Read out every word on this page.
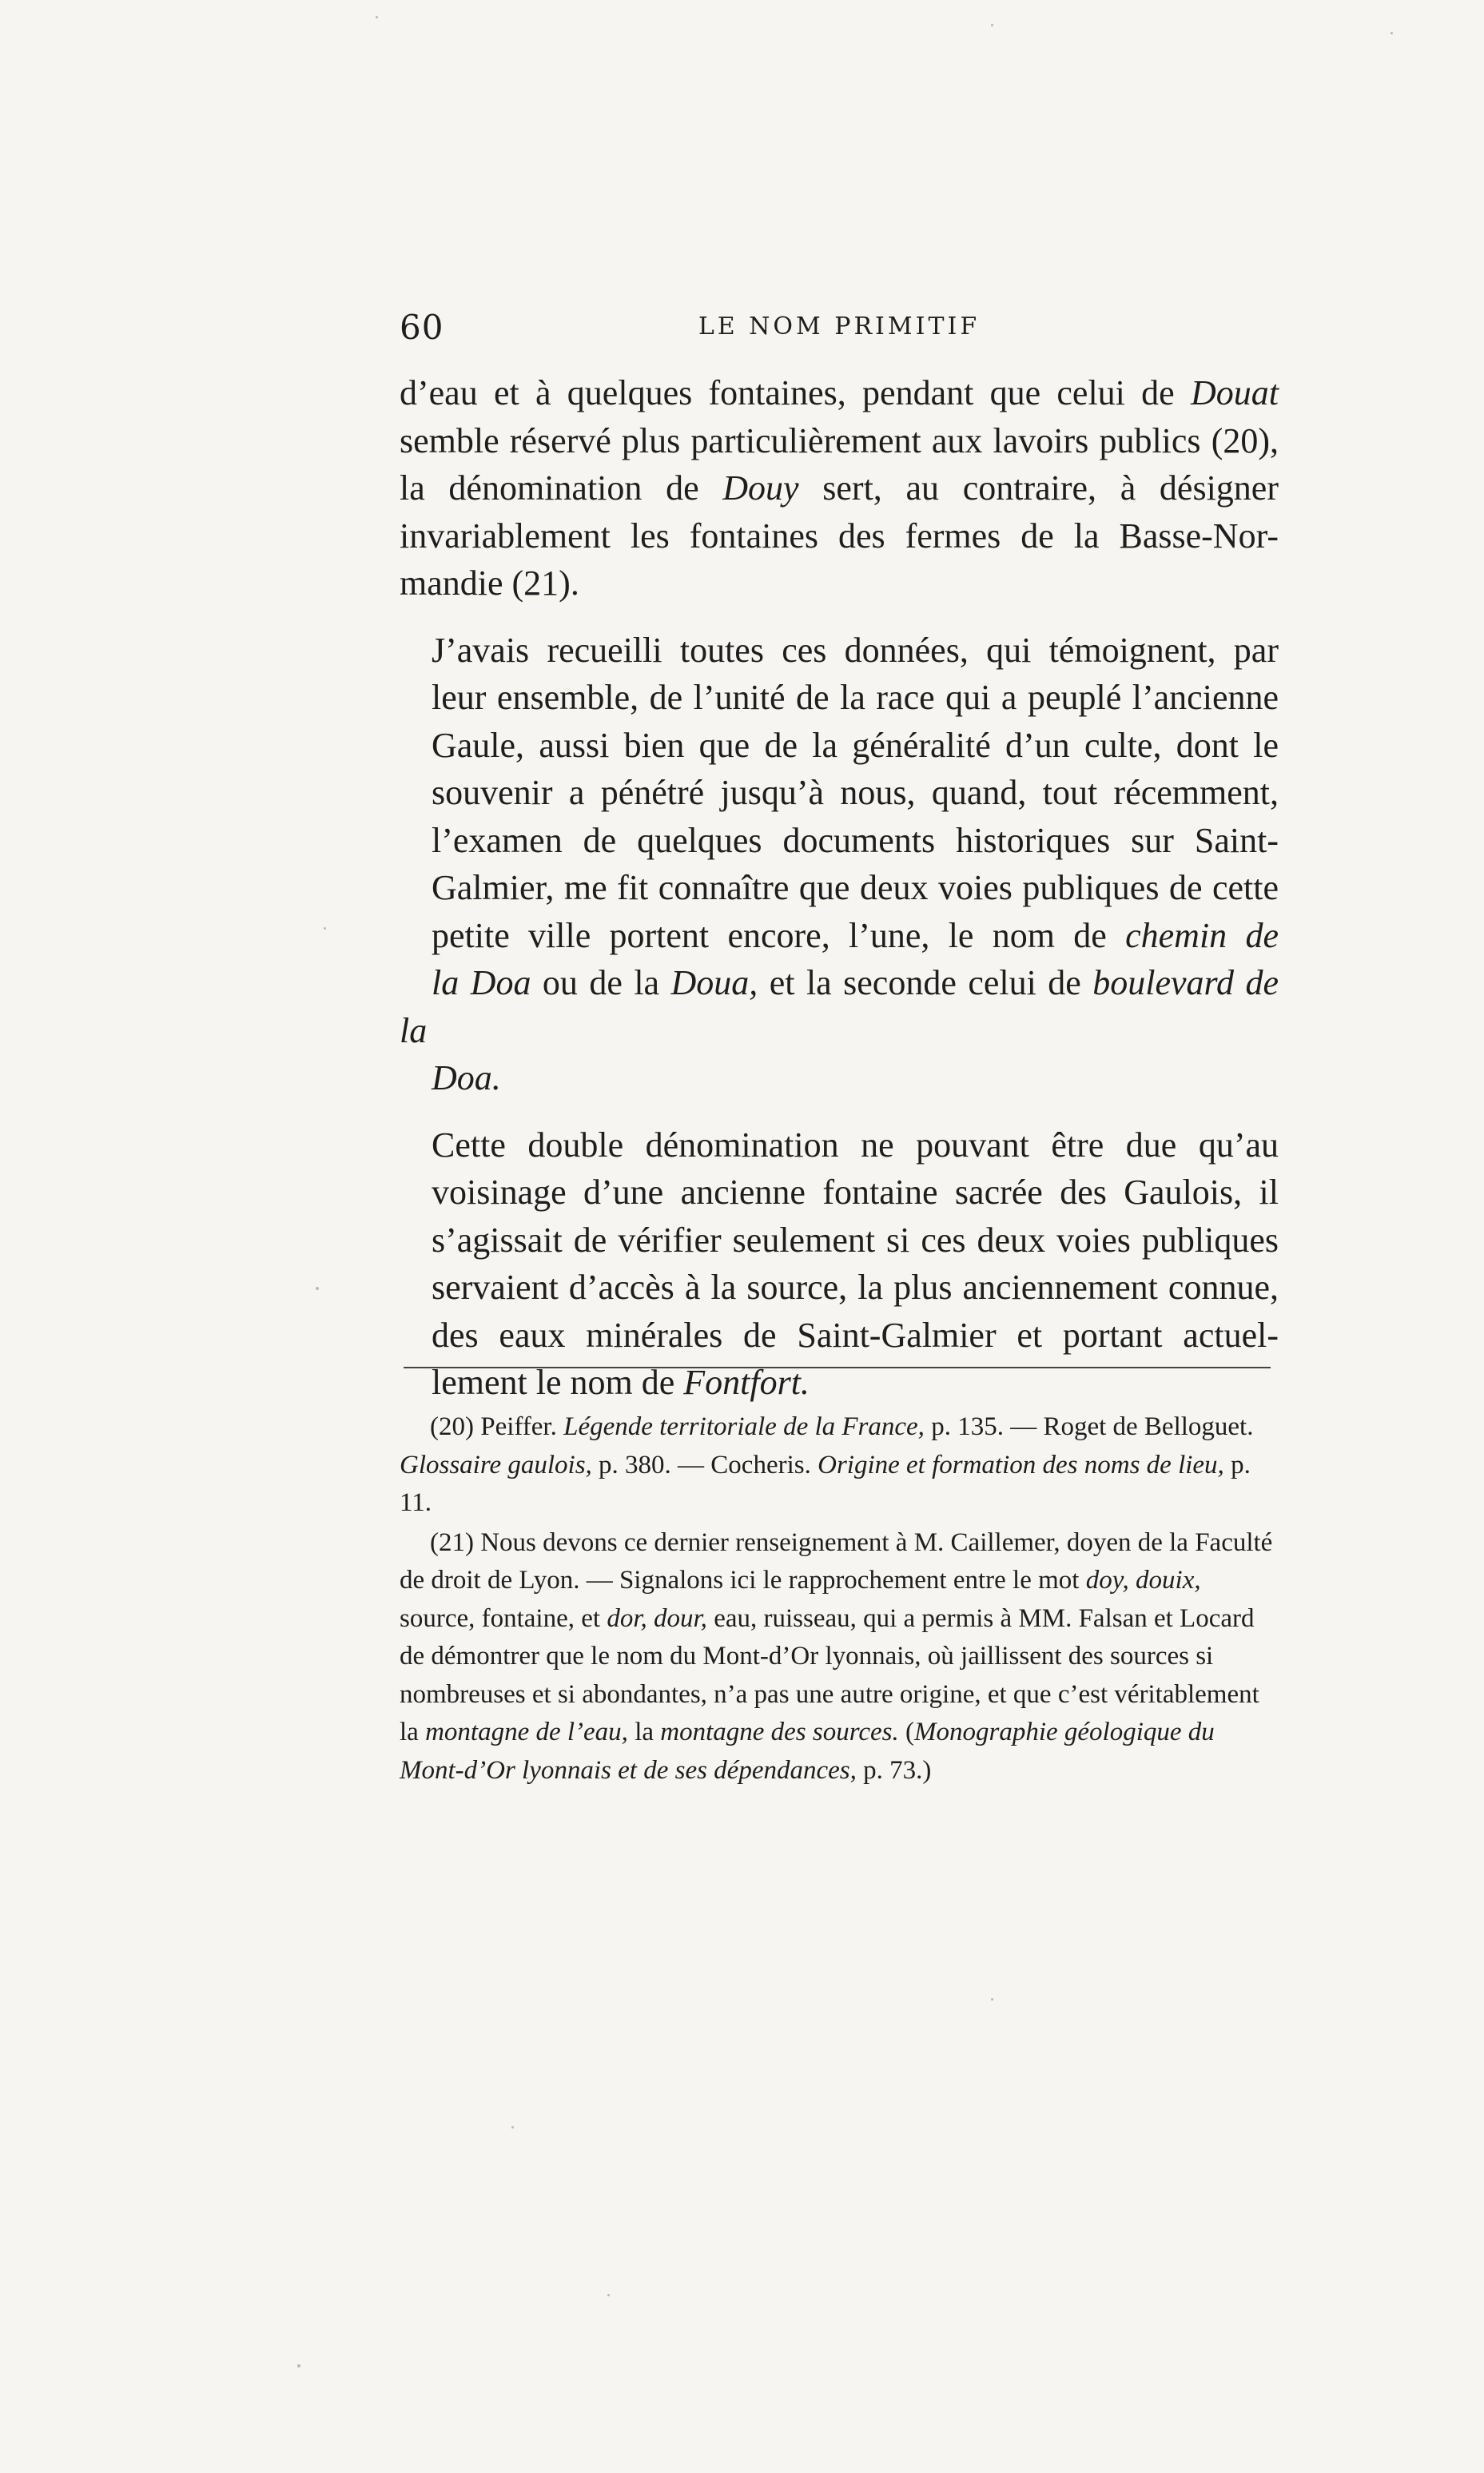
60	LE NOM PRIMITIF

d’eau et à quelques fontaines, pendant que celui de Douat
semble réservé plus particulièrement aux lavoirs publics (20),
la dénomination de Douy sert, au contraire, à désigner
invariablement les fontaines des fermes de la Basse-Nor-
mandie (21).

J’avais recueilli toutes ces données, qui témoignent, par
leur ensemble, de l’unité de la race qui a peuplé l’ancienne
Gaule, aussi bien que de la généralité d’un culte, dont le
souvenir a pénétré jusqu’à nous, quand, tout récemment,
l’examen de quelques documents historiques sur Saint-
Galmier, me fit connaître que deux voies publiques de cette
petite ville portent encore, l’une, le nom de chemin de
la Doa ou de la Doua, et la seconde celui de boulevard de la
Doa.

Cette double dénomination ne pouvant être due qu’au
voisinage d’une ancienne fontaine sacrée des Gaulois, il
s’agissait de vérifier seulement si ces deux voies publiques
servaient d’accès à la source, la plus anciennement connue,
des eaux minérales de Saint-Galmier et portant actuel-
lement le nom de Fontfort.

(20) Peiffer. Légende territoriale de la France, p. 135. — Roget de Belloguet. Glossaire gaulois, p. 380. — Cocheris. Origine et formation des noms de lieu, p. 11.

(21) Nous devons ce dernier renseignement à M. Caillemer, doyen de la Faculté de droit de Lyon. — Signalons ici le rapprochement entre le mot doy, douix, source, fontaine, et dor, dour, eau, ruisseau, qui a permis à MM. Falsan et Locard de démontrer que le nom du Mont-d’Or lyonnais, où jaillissent des sources si nombreuses et si abondantes, n’a pas une autre origine, et que c’est véritablement la montagne de l’eau, la montagne des sources. (Monographie géologique du Mont-d’Or lyonnais et de ses dépendances, p. 73.)
